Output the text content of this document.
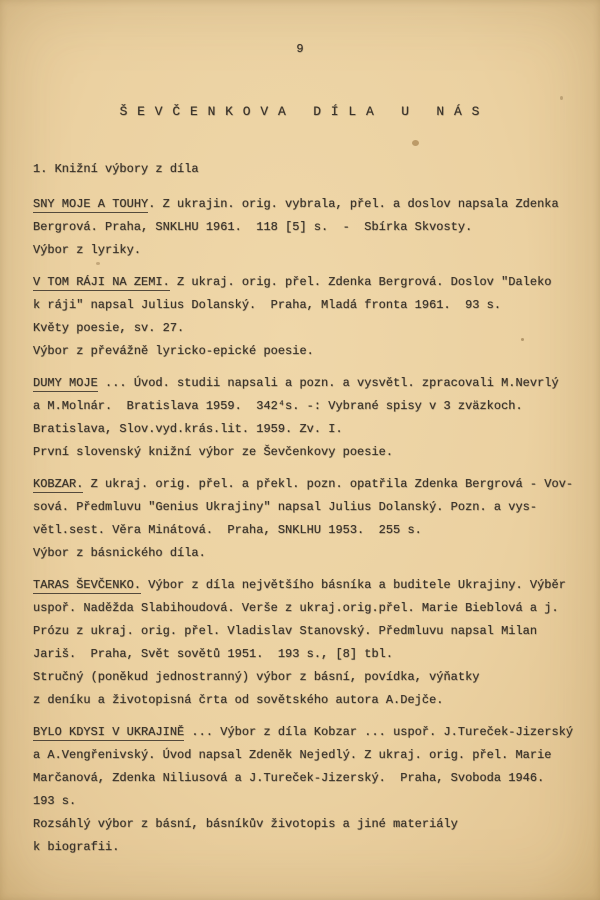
9
Š E V Č E N K O V A   D Í L A   U   N Á S

1. Knižní výbory z díla

SNY MOJE A TOUHY. Z ukrajin. orig. vybrala, přel. a doslov napsala Zdenka

Bergrová. Praha, SNKLHU 1961.  118 [5] s.  -  Sbírka Skvosty.

Výbor z lyriky.

V TOM RÁJI NA ZEMI. Z ukraj. orig. přel. Zdenka Bergrová. Doslov "Daleko

k ráji" napsal Julius Dolanský.  Praha, Mladá fronta 1961.  93 s.

Květy poesie, sv. 27.

Výbor z převážně lyricko-epické poesie.

DUMY MOJE ... Úvod. studii napsali a pozn. a vysvětl. zpracovali M.Nevrlý

a M.Molnár.  Bratislava 1959.  342⁴s. -: Vybrané spisy v 3 zväzkoch.

Bratislava, Slov.vyd.krás.lit. 1959. Zv. I.

První slovenský knižní výbor ze Ševčenkovy poesie.

KOBZAR. Z ukraj. orig. přel. a překl. pozn. opatřila Zdenka Bergrová - Vov-

sová. Předmluvu "Genius Ukrajiny" napsal Julius Dolanský. Pozn. a vys-

větl.sest. Věra Minátová.  Praha, SNKLHU 1953.  255 s.

Výbor z básnického díla.

TARAS ŠEVČENKO. Výbor z díla největšího básníka a buditele Ukrajiny. Výběr

uspoř. Naděžda Slabihoudová. Verše z ukraj.orig.přel. Marie Bieblová a j.

Prózu z ukraj. orig. přel. Vladislav Stanovský. Předmluvu napsal Milan

Jariš.  Praha, Svět sovětů 1951.  193 s., [8] tbl.

Stručný (poněkud jednostranný) výbor z básní, povídka, výňatky

z deníku a životopisná črta od sovětského autora A.Dejče.

BYLO KDYSI V UKRAJINĚ ... Výbor z díla Kobzar ... uspoř. J.Tureček-Jizerský

a A.Vengřenivský. Úvod napsal Zdeněk Nejedlý. Z ukraj. orig. přel. Marie

Marčanová, Zdenka Niliusová a J.Tureček-Jizerský.  Praha, Svoboda 1946.

193 s.

Rozsáhlý výbor z básní, básníkův životopis a jiné materiály

k biografii.
